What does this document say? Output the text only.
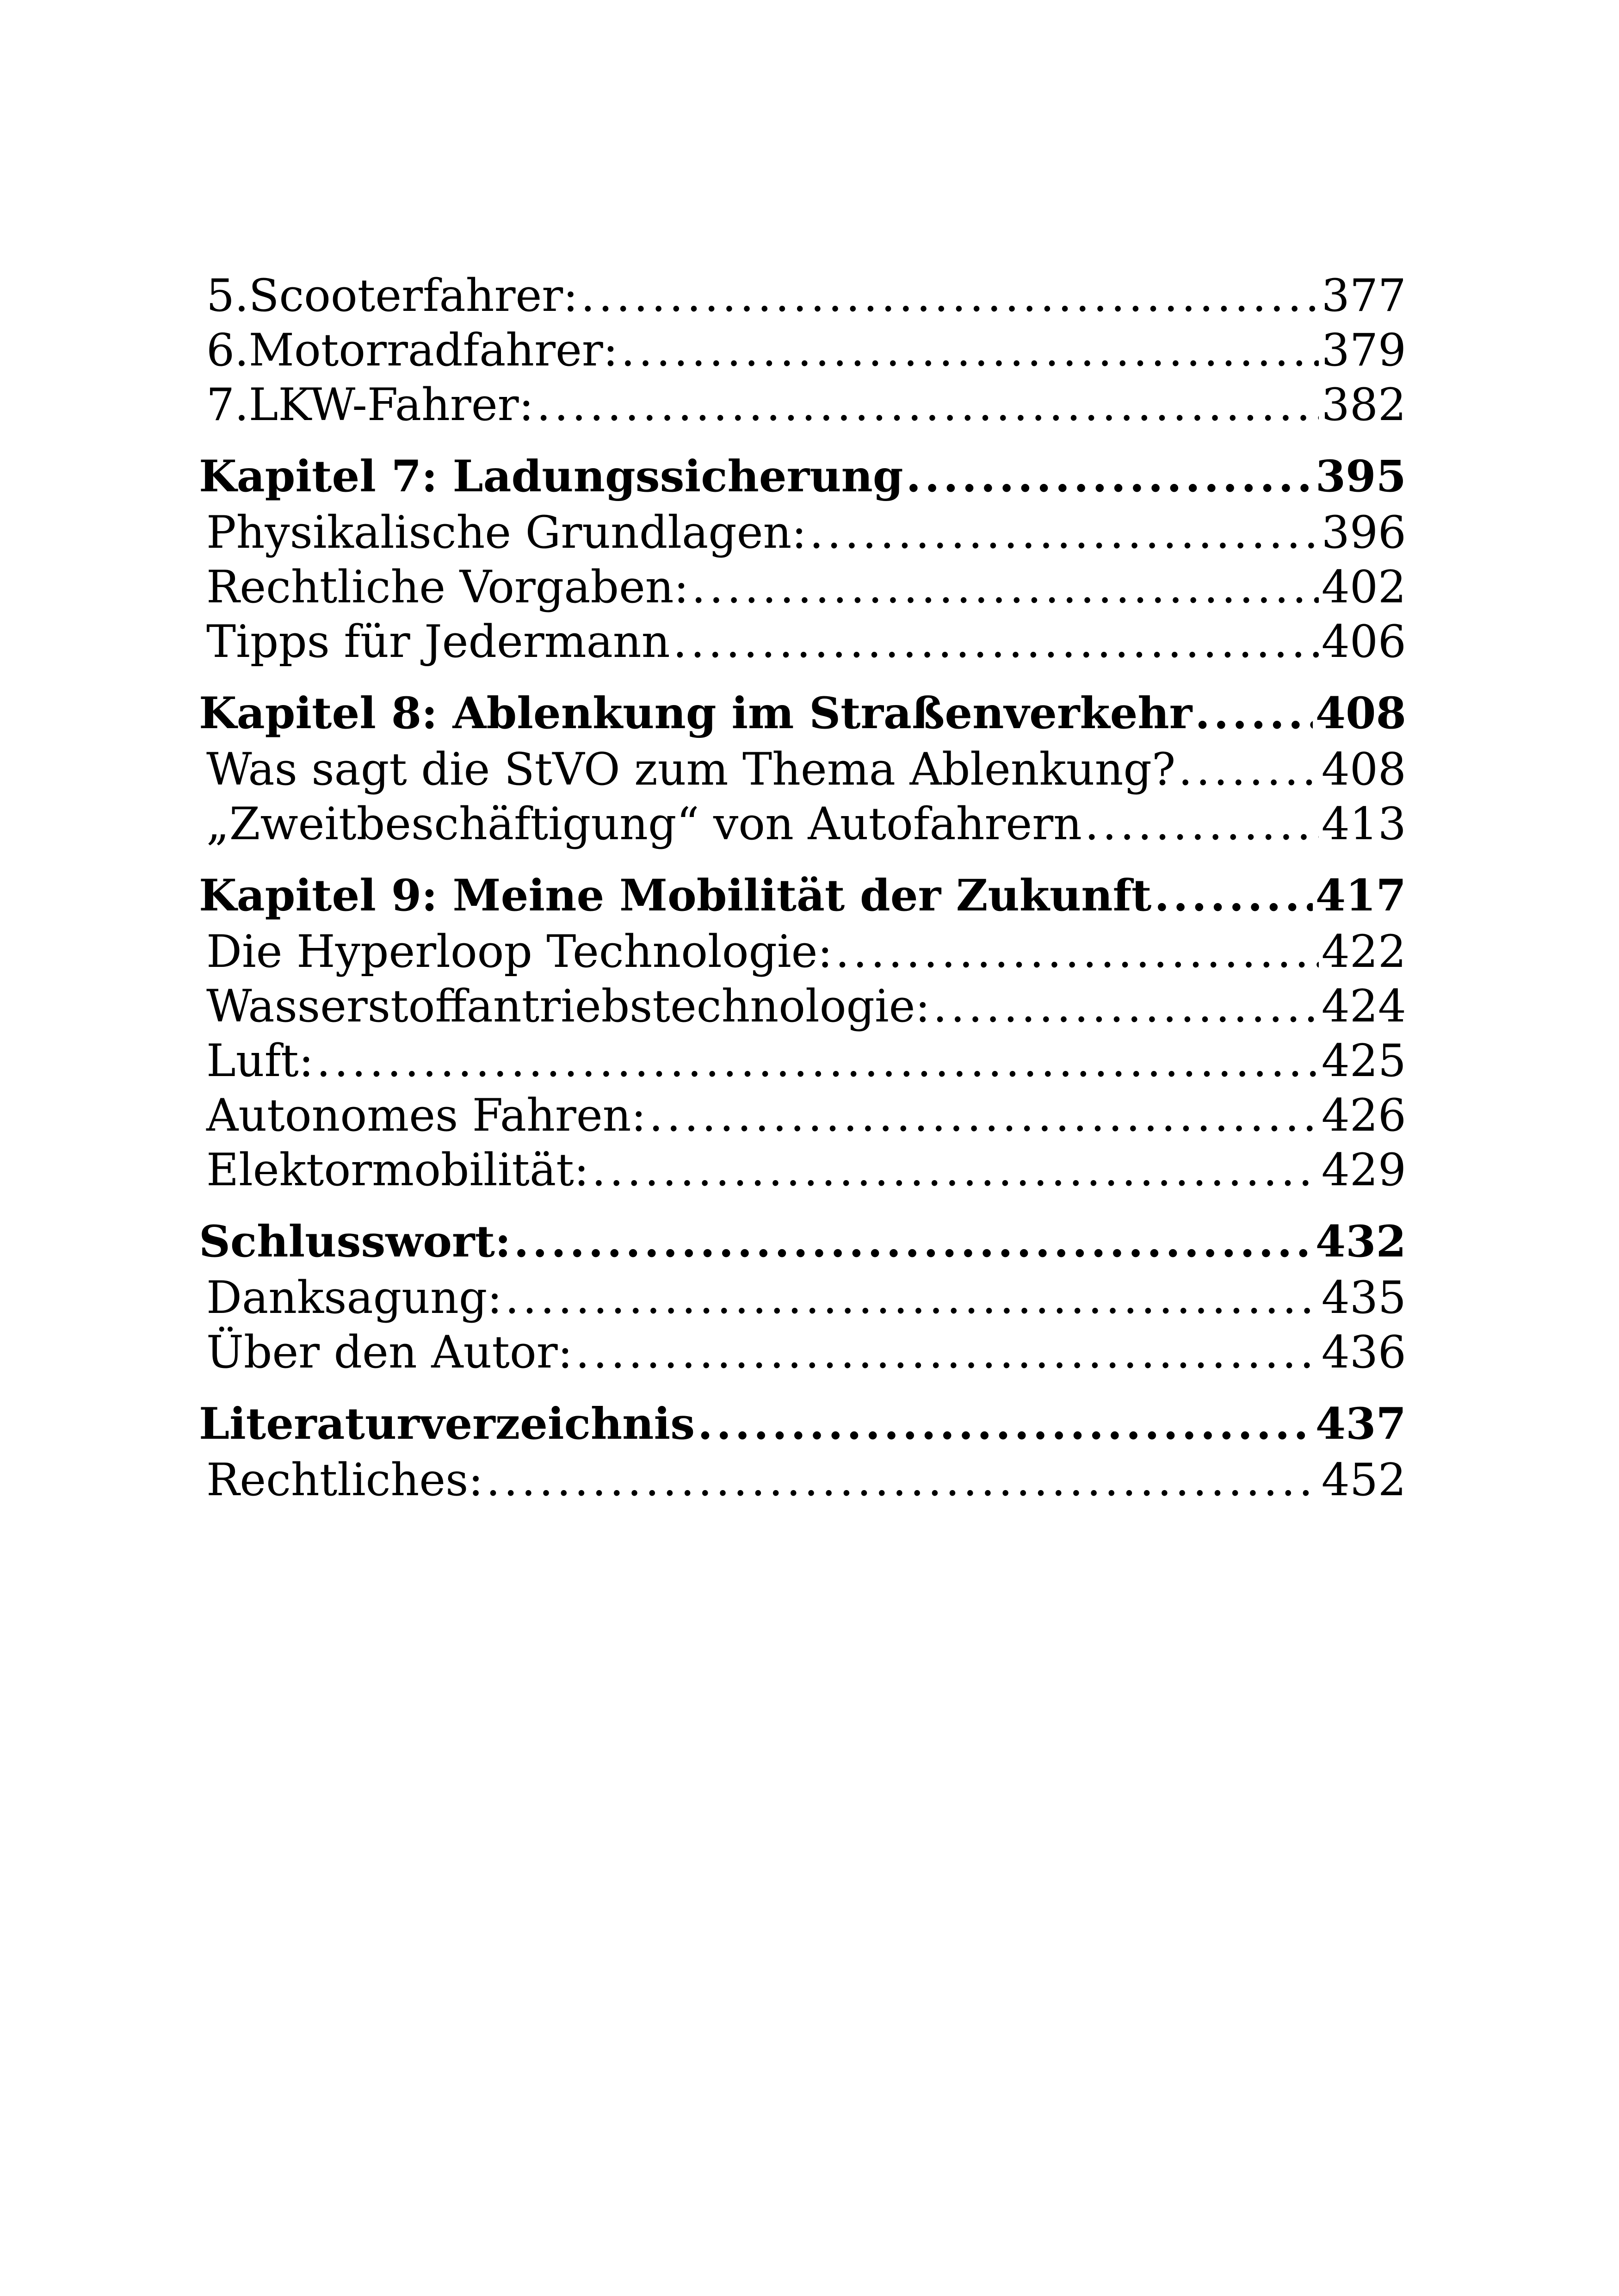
5.Scooterfahrer: .....	377
6.Motorradfahrer: .....	379
7.LKW-Fahrer: .....	382
Kapitel 7: Ladungssicherung .....	395
Physikalische Grundlagen: .....	396
Rechtliche Vorgaben: .....	402
Tipps für Jedermann .....	406
Kapitel 8: Ablenkung im Straßenverkehr .....	408
Was sagt die StVO zum Thema Ablenkung? .....	408
„Zweitbeschäftigung“ von Autofahrern .....	413
Kapitel 9: Meine Mobilität der Zukunft .....	417
Die Hyperloop Technologie: .....	422
Wasserstoffantriebstechnologie: .....	424
Luft: .....	425
Autonomes Fahren: .....	426
Elektormobilität: .....	429
Schlusswort: .....	432
Danksagung: .....	435
Über den Autor: .....	436
Literaturverzeichnis .....	437
Rechtliches: .....	452
